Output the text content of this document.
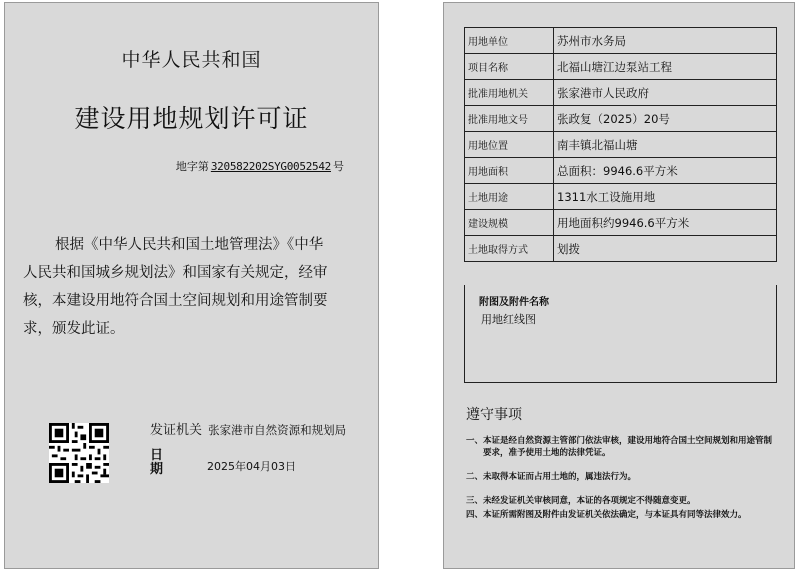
中华人民共和国
建设用地规划许可证
地字第 320582202SYG0052542 号
根据《中华人民共和国土地管理法》《中华人民共和国城乡规划法》和国家有关规定，经审核，本建设用地符合国土空间规划和用途管制要求，颁发此证。
发证机关 张家港市自然资源和规划局
日期	2025年04月03日
用地单位	苏州市水务局
项目名称	北福山塘江边泵站工程
批准用地机关	张家港市人民政府
批准用地文号	张政复（2025）20号
用地位置	南丰镇北福山塘
用地面积	总面积：9946.6平方米
土地用途	1311水工设施用地
建设规模	用地面积约9946.6平方米
土地取得方式	划拨
附图及附件名称
用地红线图
遵守事项
一、本证是经自然资源主管部门依法审核，建设用地符合国土空间规划和用途管制要求，准予使用土地的法律凭证。
二、未取得本证而占用土地的，属违法行为。
三、未经发证机关审核同意，本证的各项规定不得随意变更。
四、本证所需附图及附件由发证机关依法确定，与本证具有同等法律效力。
